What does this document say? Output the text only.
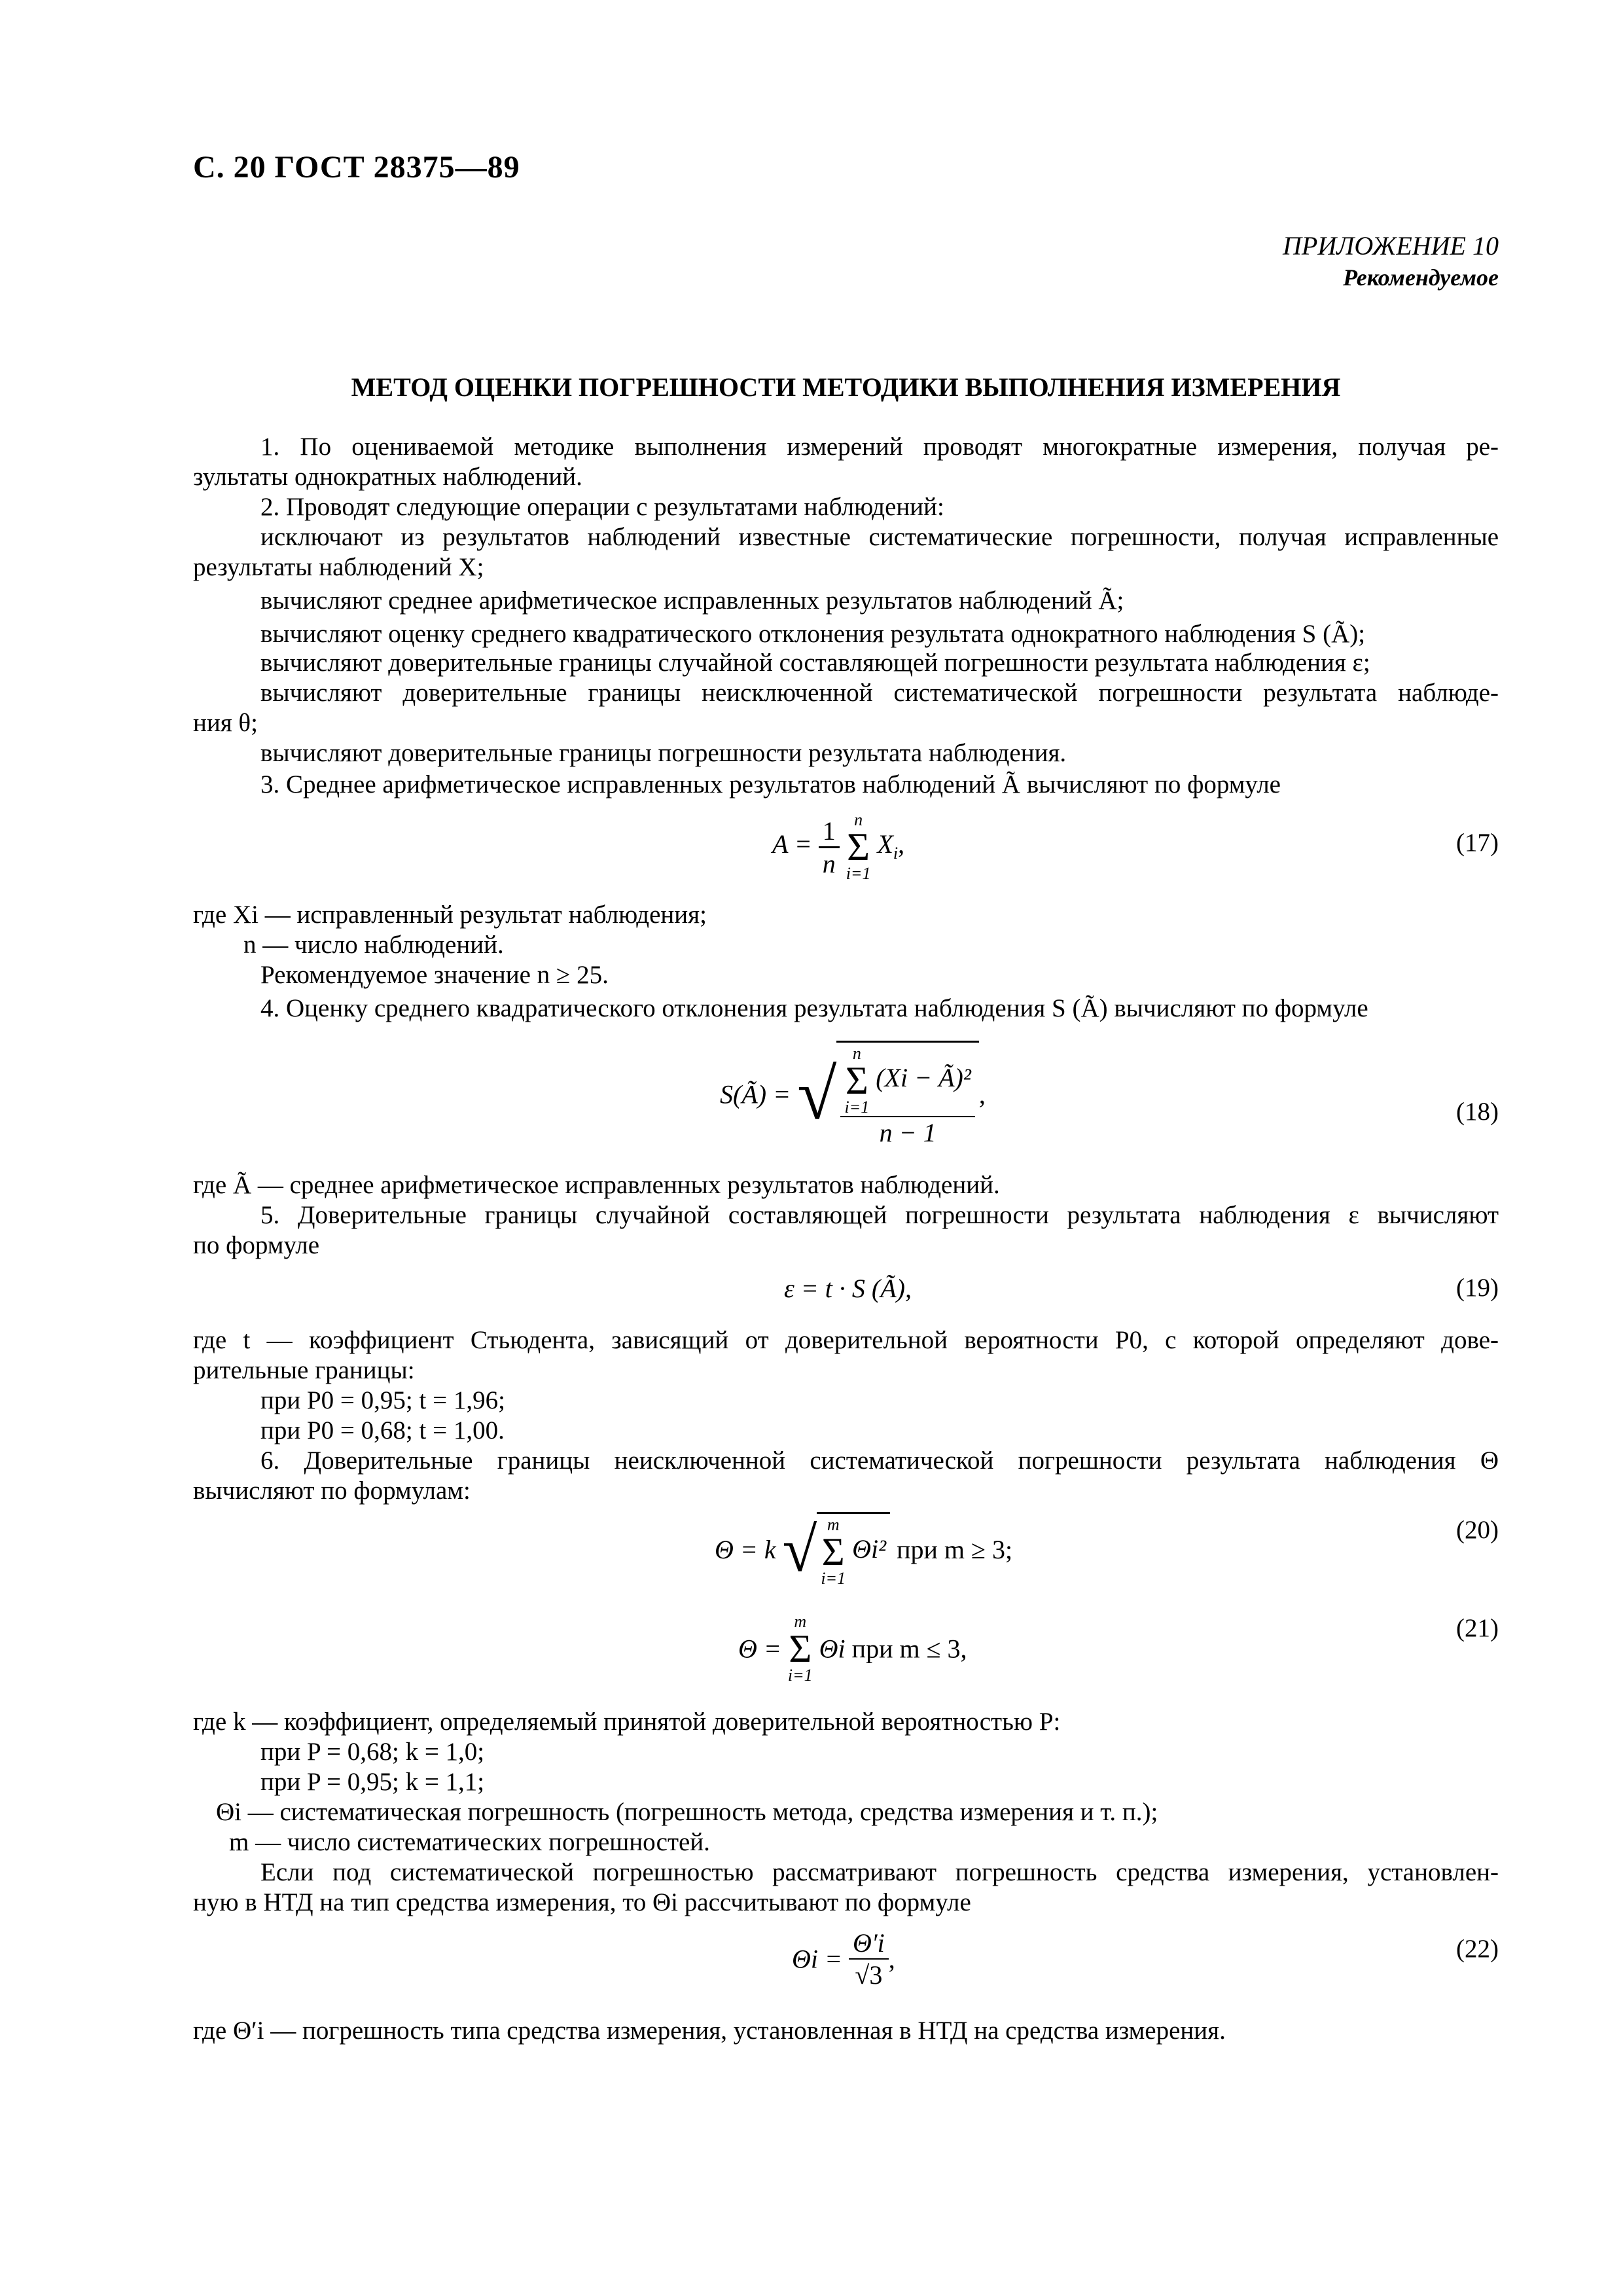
С. 20 ГОСТ 28375—89
ПРИЛОЖЕНИЕ 10
Рекомендуемое
МЕТОД ОЦЕНКИ ПОГРЕШНОСТИ МЕТОДИКИ ВЫПОЛНЕНИЯ ИЗМЕРЕНИЯ
1. По оцениваемой методике выполнения измерений проводят многократные измерения, получая ре-
зультаты однократных наблюдений.
2. Проводят следующие операции с результатами наблюдений:
исключают из результатов наблюдений известные систематические погрешности, получая исправленные
результаты наблюдений X;
вычисляют среднее арифметическое исправленных результатов наблюдений Ã;
вычисляют оценку среднего квадратического отклонения результата однократного наблюдения S (Ã);
вычисляют доверительные границы случайной составляющей погрешности результата наблюдения ε;
вычисляют доверительные границы неисключенной систематической погрешности результата наблюде-
ния θ;
вычисляют доверительные границы погрешности результата наблюдения.
3. Среднее арифметическое исправленных результатов наблюдений Ã вычисляют по формуле
$A = \frac{1}{n}$
n
Σ
i=1
$X_i$,	(17)
где Xi — исправленный результат наблюдения;
n — число наблюдений.
Рекомендуемое значение n ≥ 25.
4. Оценку среднего квадратического отклонения результата наблюдения S (Ã) вычисляют по формуле
S(Ã) = √
n
Σ
i=1
(Xi − Ã)²
n − 1
,
(18)
где Ã — среднее арифметическое исправленных результатов наблюдений.
5. Доверительные границы случайной составляющей погрешности результата наблюдения ε вычисляют
по формуле
ε = t · S (Ã),	(19)
где t — коэффициент Стьюдента, зависящий от доверительной вероятности P0, с которой определяют дове-
рительные границы:
при P0 = 0,95; t = 1,96;
при P0 = 0,68; t = 1,00.
6. Доверительные границы неисключенной систематической погрешности результата наблюдения Θ
вычисляют по формулам:
Θ = k √ m
Σ
i=1
Θi² при m ≥ 3;
(20)
Θ =
m
Σ
i=1
Θi при m ≤ 3,
(21)
где k — коэффициент, определяемый принятой доверительной вероятностью P:
при P = 0,68; k = 1,0;
при P = 0,95; k = 1,1;
Θi — систематическая погрешность (погрешность метода, средства измерения и т. п.);
m — число систематических погрешностей.
Если под систематической погрешностью рассматривают погрешность средства измерения, установлен-
ную в НТД на тип средства измерения, то Θi рассчитывают по формуле
$\Theta i = \frac{\Theta'i}{√3}$ ,	(22)
где Θ′i — погрешность типа средства измерения, установленная в НТД на средства измерения.
